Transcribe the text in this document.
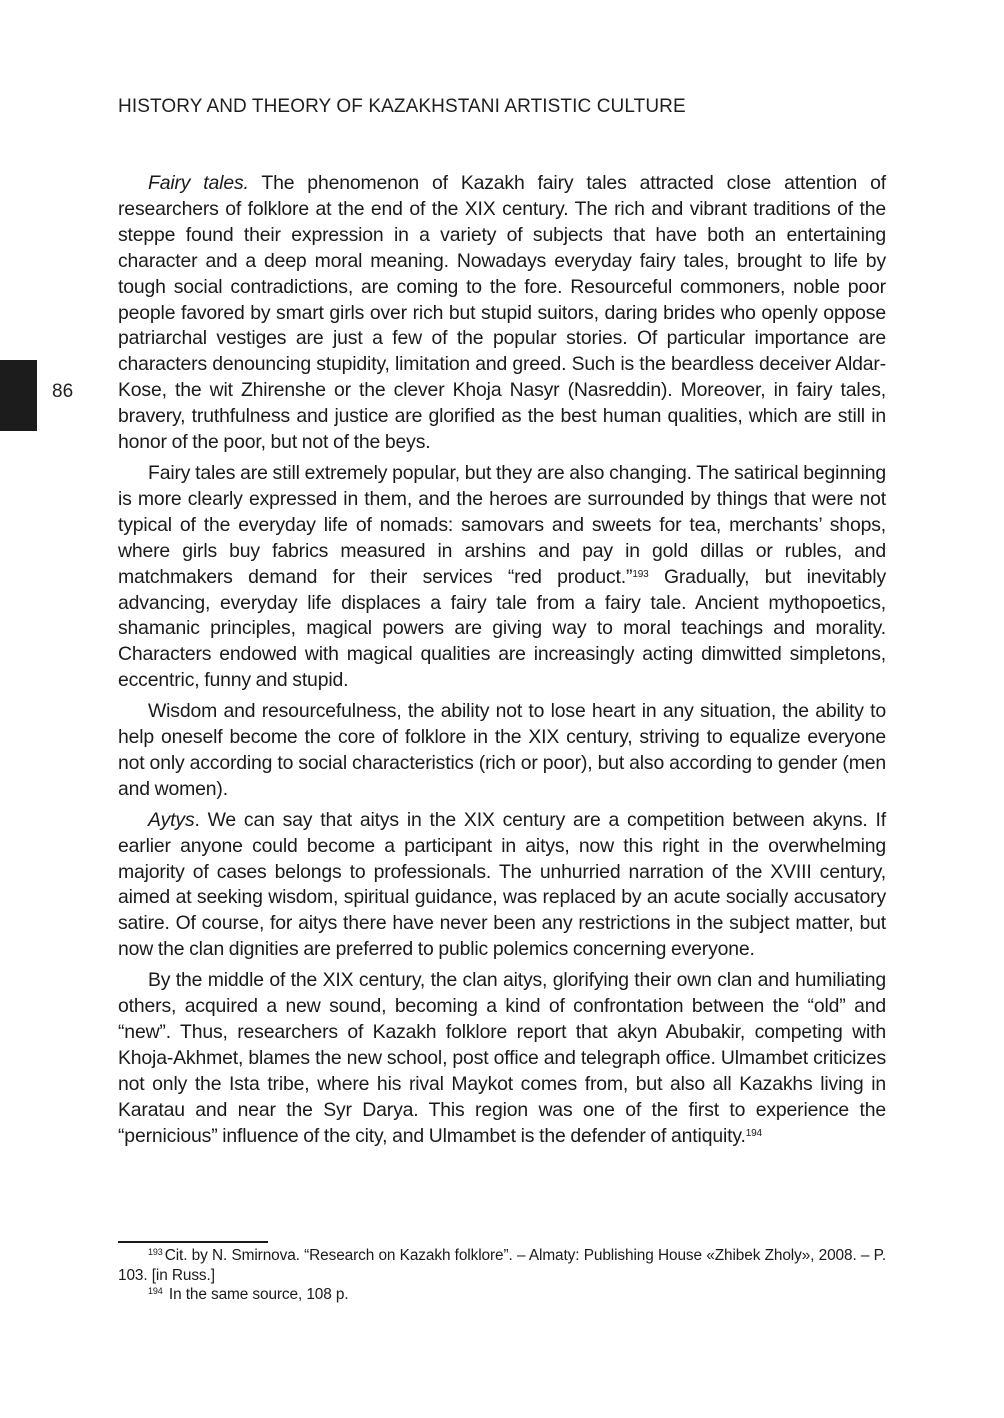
HISTORY AND THEORY OF KAZAKHSTANI ARTISTIC CULTURE
86

Fairy tales. The phenomenon of Kazakh fairy tales attracted close attention of researchers of folklore at the end of the XIX century. The rich and vibrant traditions of the steppe found their expression in a variety of subjects that have both an entertaining character and a deep moral meaning. Nowadays everyday fairy tales, brought to life by tough social contradictions, are coming to the fore. Resourceful commoners, noble poor people favored by smart girls over rich but stupid suitors, daring brides who openly oppose patriarchal vestiges are just a few of the popular stories. Of particular importance are characters denouncing stupidity, limitation and greed. Such is the beardless deceiver Aldar-Kose, the wit Zhirenshe or the clever Khoja Nasyr (Nasreddin). Moreover, in fairy tales, bravery, truthfulness and justice are glorified as the best human qualities, which are still in honor of the poor, but not of the beys.

Fairy tales are still extremely popular, but they are also changing. The satirical beginning is more clearly expressed in them, and the heroes are surrounded by things that were not typical of the everyday life of nomads: samovars and sweets for tea, merchants’ shops, where girls buy fabrics measured in arshins and pay in gold dillas or rubles, and matchmakers demand for their services “red product.”$^{193}$ Gradually, but inevitably advancing, everyday life displaces a fairy tale from a fairy tale. Ancient mythopoetics, shamanic principles, magical powers are giving way to moral teachings and morality. Characters endowed with magical qualities are increasingly acting dimwitted simpletons, eccentric, funny and stupid.

Wisdom and resourcefulness, the ability not to lose heart in any situation, the ability to help oneself become the core of folklore in the XIX century, striving to equalize everyone not only according to social characteristics (rich or poor), but also according to gender (men and women).

Aytys. We can say that aitys in the XIX century are a competition between akyns. If earlier anyone could become a participant in aitys, now this right in the overwhelming majority of cases belongs to professionals. The unhurried narration of the XVIII century, aimed at seeking wisdom, spiritual guidance, was replaced by an acute socially accusatory satire. Of course, for aitys there have never been any restrictions in the subject matter, but now the clan dignities are preferred to public polemics concerning everyone.

By the middle of the XIX century, the clan aitys, glorifying their own clan and humiliating others, acquired a new sound, becoming a kind of confrontation between the “old” and “new”. Thus, researchers of Kazakh folklore report that akyn Abubakir, competing with Khoja-Akhmet, blames the new school, post office and telegraph office. Ulmambet criticizes not only the Ista tribe, where his rival Maykot comes from, but also all Kazakhs living in Karatau and near the Syr Darya. This region was one of the first to experience the “pernicious” influence of the city, and Ulmambet is the defender of antiquity.$^{194}$

$^{193}$ Cit. by N. Smirnova. “Research on Kazakh folklore”. – Almaty: Publishing House «Zhibek Zholy», 2008. – P. 103. [in Russ.]

$^{194}$ In the same source, 108 p.
